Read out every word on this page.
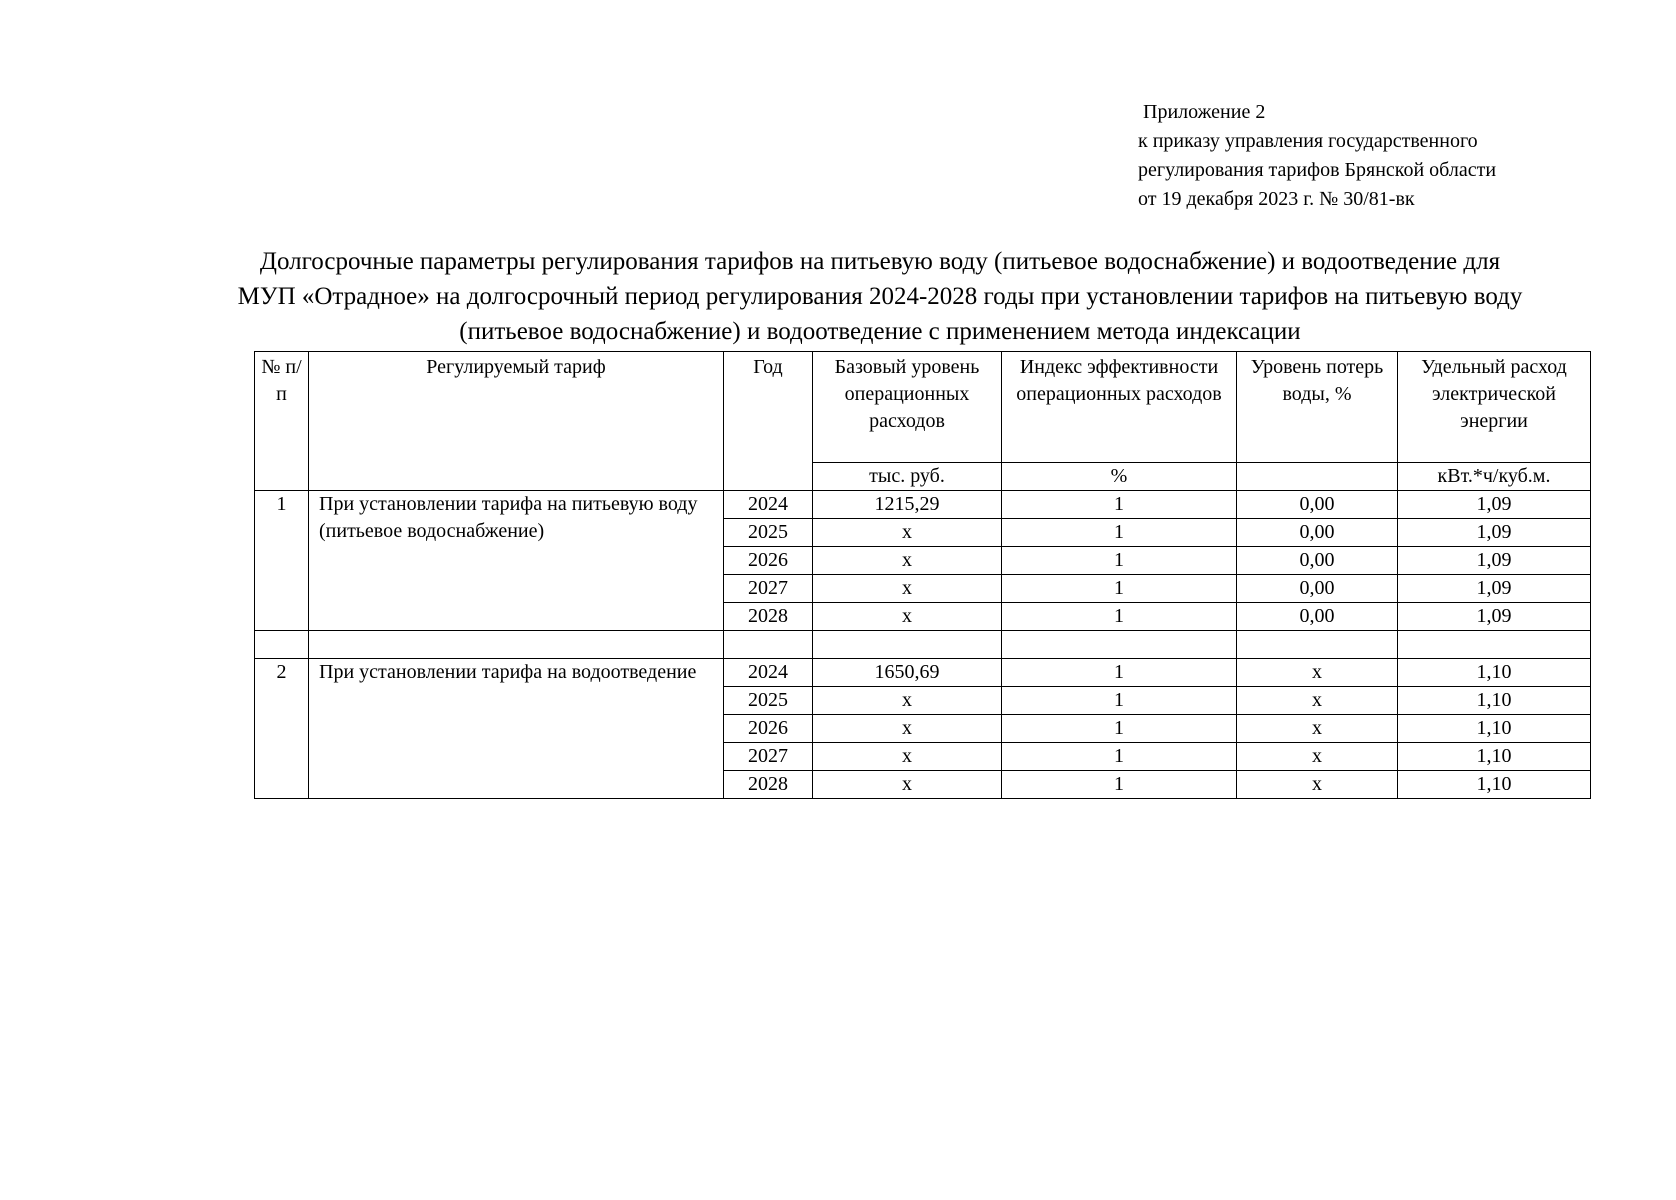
Приложение 2
к приказу управления государственного
регулирования тарифов Брянской области
от 19 декабря 2023 г. № 30/81-вк
Долгосрочные параметры регулирования тарифов на питьевую воду (питьевое водоснабжение) и водоотведение для
МУП «Отрадное» на долгосрочный период регулирования 2024-2028 годы при установлении тарифов на питьевую воду
(питьевое водоснабжение) и водоотведение с применением метода индексации
№ п/п	Регулируемый тариф	Год	Базовый уровень операционных расходов	Индекс эффективности операционных расходов	Уровень потерь воды, %	Удельный расход электрической энергии
			тыс. руб.	%		кВт.*ч/куб.м.
1	При установлении тарифа на питьевую воду (питьевое водоснабжение)	2024	1215,29	1	0,00	1,09
		2025	х	1	0,00	1,09
		2026	х	1	0,00	1,09
		2027	х	1	0,00	1,09
		2028	х	1	0,00	1,09

2	При установлении тарифа на водоотведение	2024	1650,69	1	х	1,10
		2025	х	1	х	1,10
		2026	х	1	х	1,10
		2027	х	1	х	1,10
		2028	х	1	х	1,10
